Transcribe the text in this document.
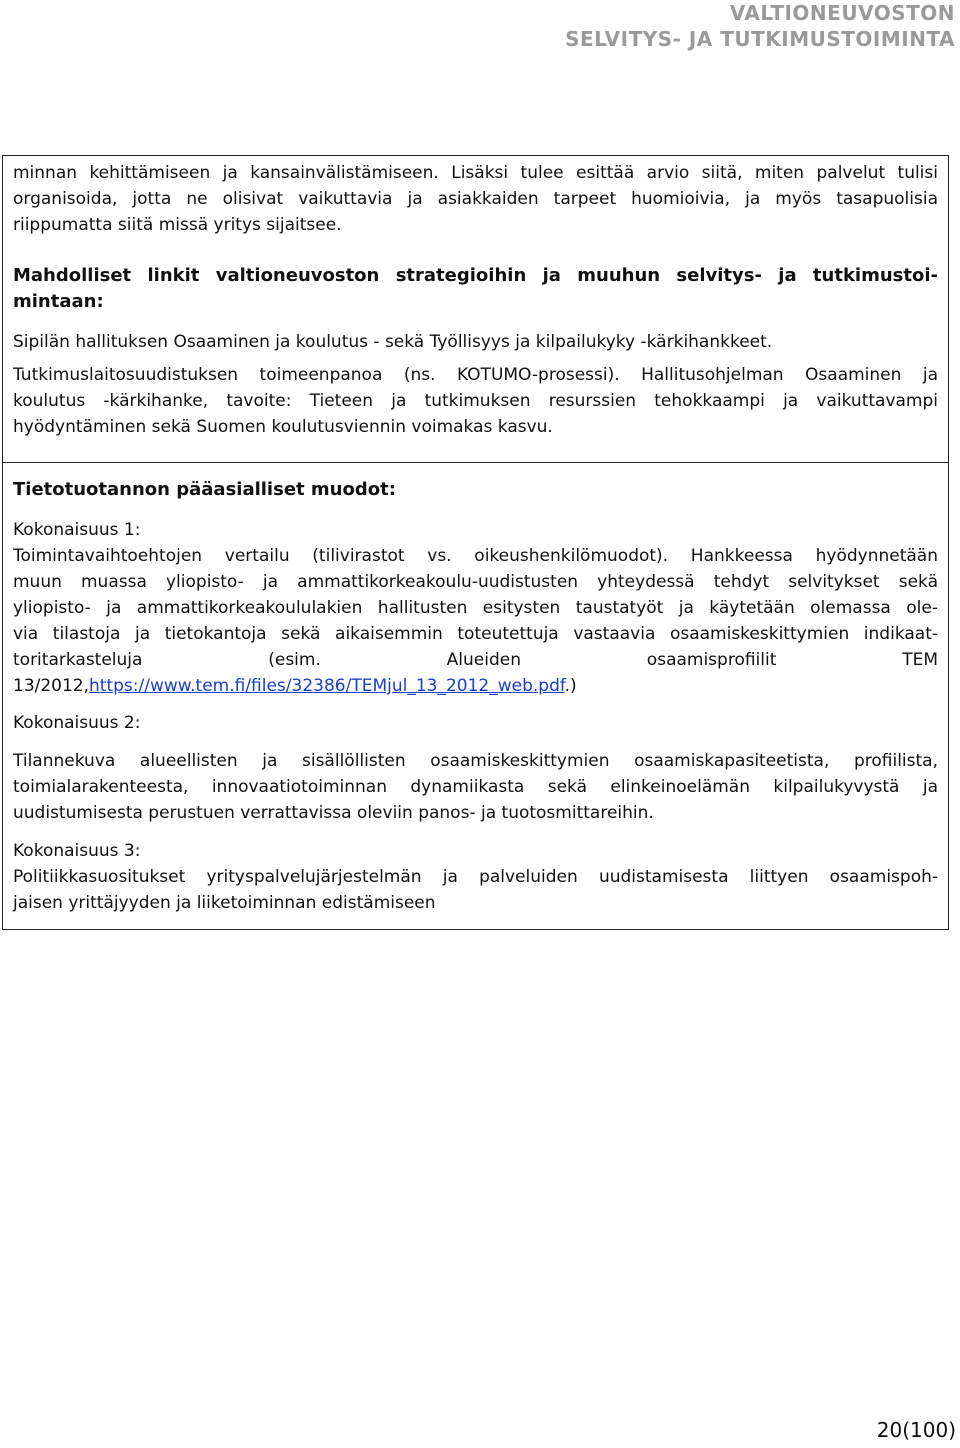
VALTIONEUVOSTON
SELVITYS- JA TUTKIMUSTOIMINTA

minnan kehittämiseen ja kansainvälistämiseen. Lisäksi tulee esittää arvio siitä, miten palvelut tulisi

organisoida, jotta ne olisivat vaikuttavia ja asiakkaiden tarpeet huomioivia, ja myös tasapuolisia

riippumatta siitä missä yritys sijaitsee.

Mahdolliset linkit valtioneuvoston strategioihin ja muuhun selvitys- ja tutkimustoi-

mintaan:

Sipilän hallituksen Osaaminen ja koulutus - sekä Työllisyys ja kilpailukyky -kärkihankkeet.

Tutkimuslaitosuudistuksen toimeenpanoa (ns. KOTUMO-prosessi). Hallitusohjelman Osaaminen ja

koulutus -kärkihanke, tavoite: Tieteen ja tutkimuksen resurssien tehokkaampi ja vaikuttavampi

hyödyntäminen sekä Suomen koulutusviennin voimakas kasvu.

Tietotuotannon pääasialliset muodot:

Kokonaisuus 1:

Toimintavaihtoehtojen vertailu (tilivirastot vs. oikeushenkilömuodot). Hankkeessa hyödynnetään

muun muassa yliopisto- ja ammattikorkeakoulu-uudistusten yhteydessä tehdyt selvitykset sekä

yliopisto- ja ammattikorkeakoululakien hallitusten esitysten taustatyöt ja käytetään olemassa ole-

via tilastoja ja tietokantoja sekä aikaisemmin toteutettuja vastaavia osaamiskeskittymien indikaat-

toritarkasteluja (esim. Alueiden osaamisprofiilit TEM

13/2012,https://www.tem.fi/files/32386/TEMjul_13_2012_web.pdf.)

Kokonaisuus 2:

Tilannekuva alueellisten ja sisällöllisten osaamiskeskittymien osaamiskapasiteetista, profiilista,

toimialarakenteesta, innovaatiotoiminnan dynamiikasta sekä elinkeinoelämän kilpailukyvystä ja

uudistumisesta perustuen verrattavissa oleviin panos- ja tuotosmittareihin.

Kokonaisuus 3:

Politiikkasuositukset yrityspalvelujärjestelmän ja palveluiden uudistamisesta liittyen osaamispoh-

jaisen yrittäjyyden ja liiketoiminnan edistämiseen

20(100)
